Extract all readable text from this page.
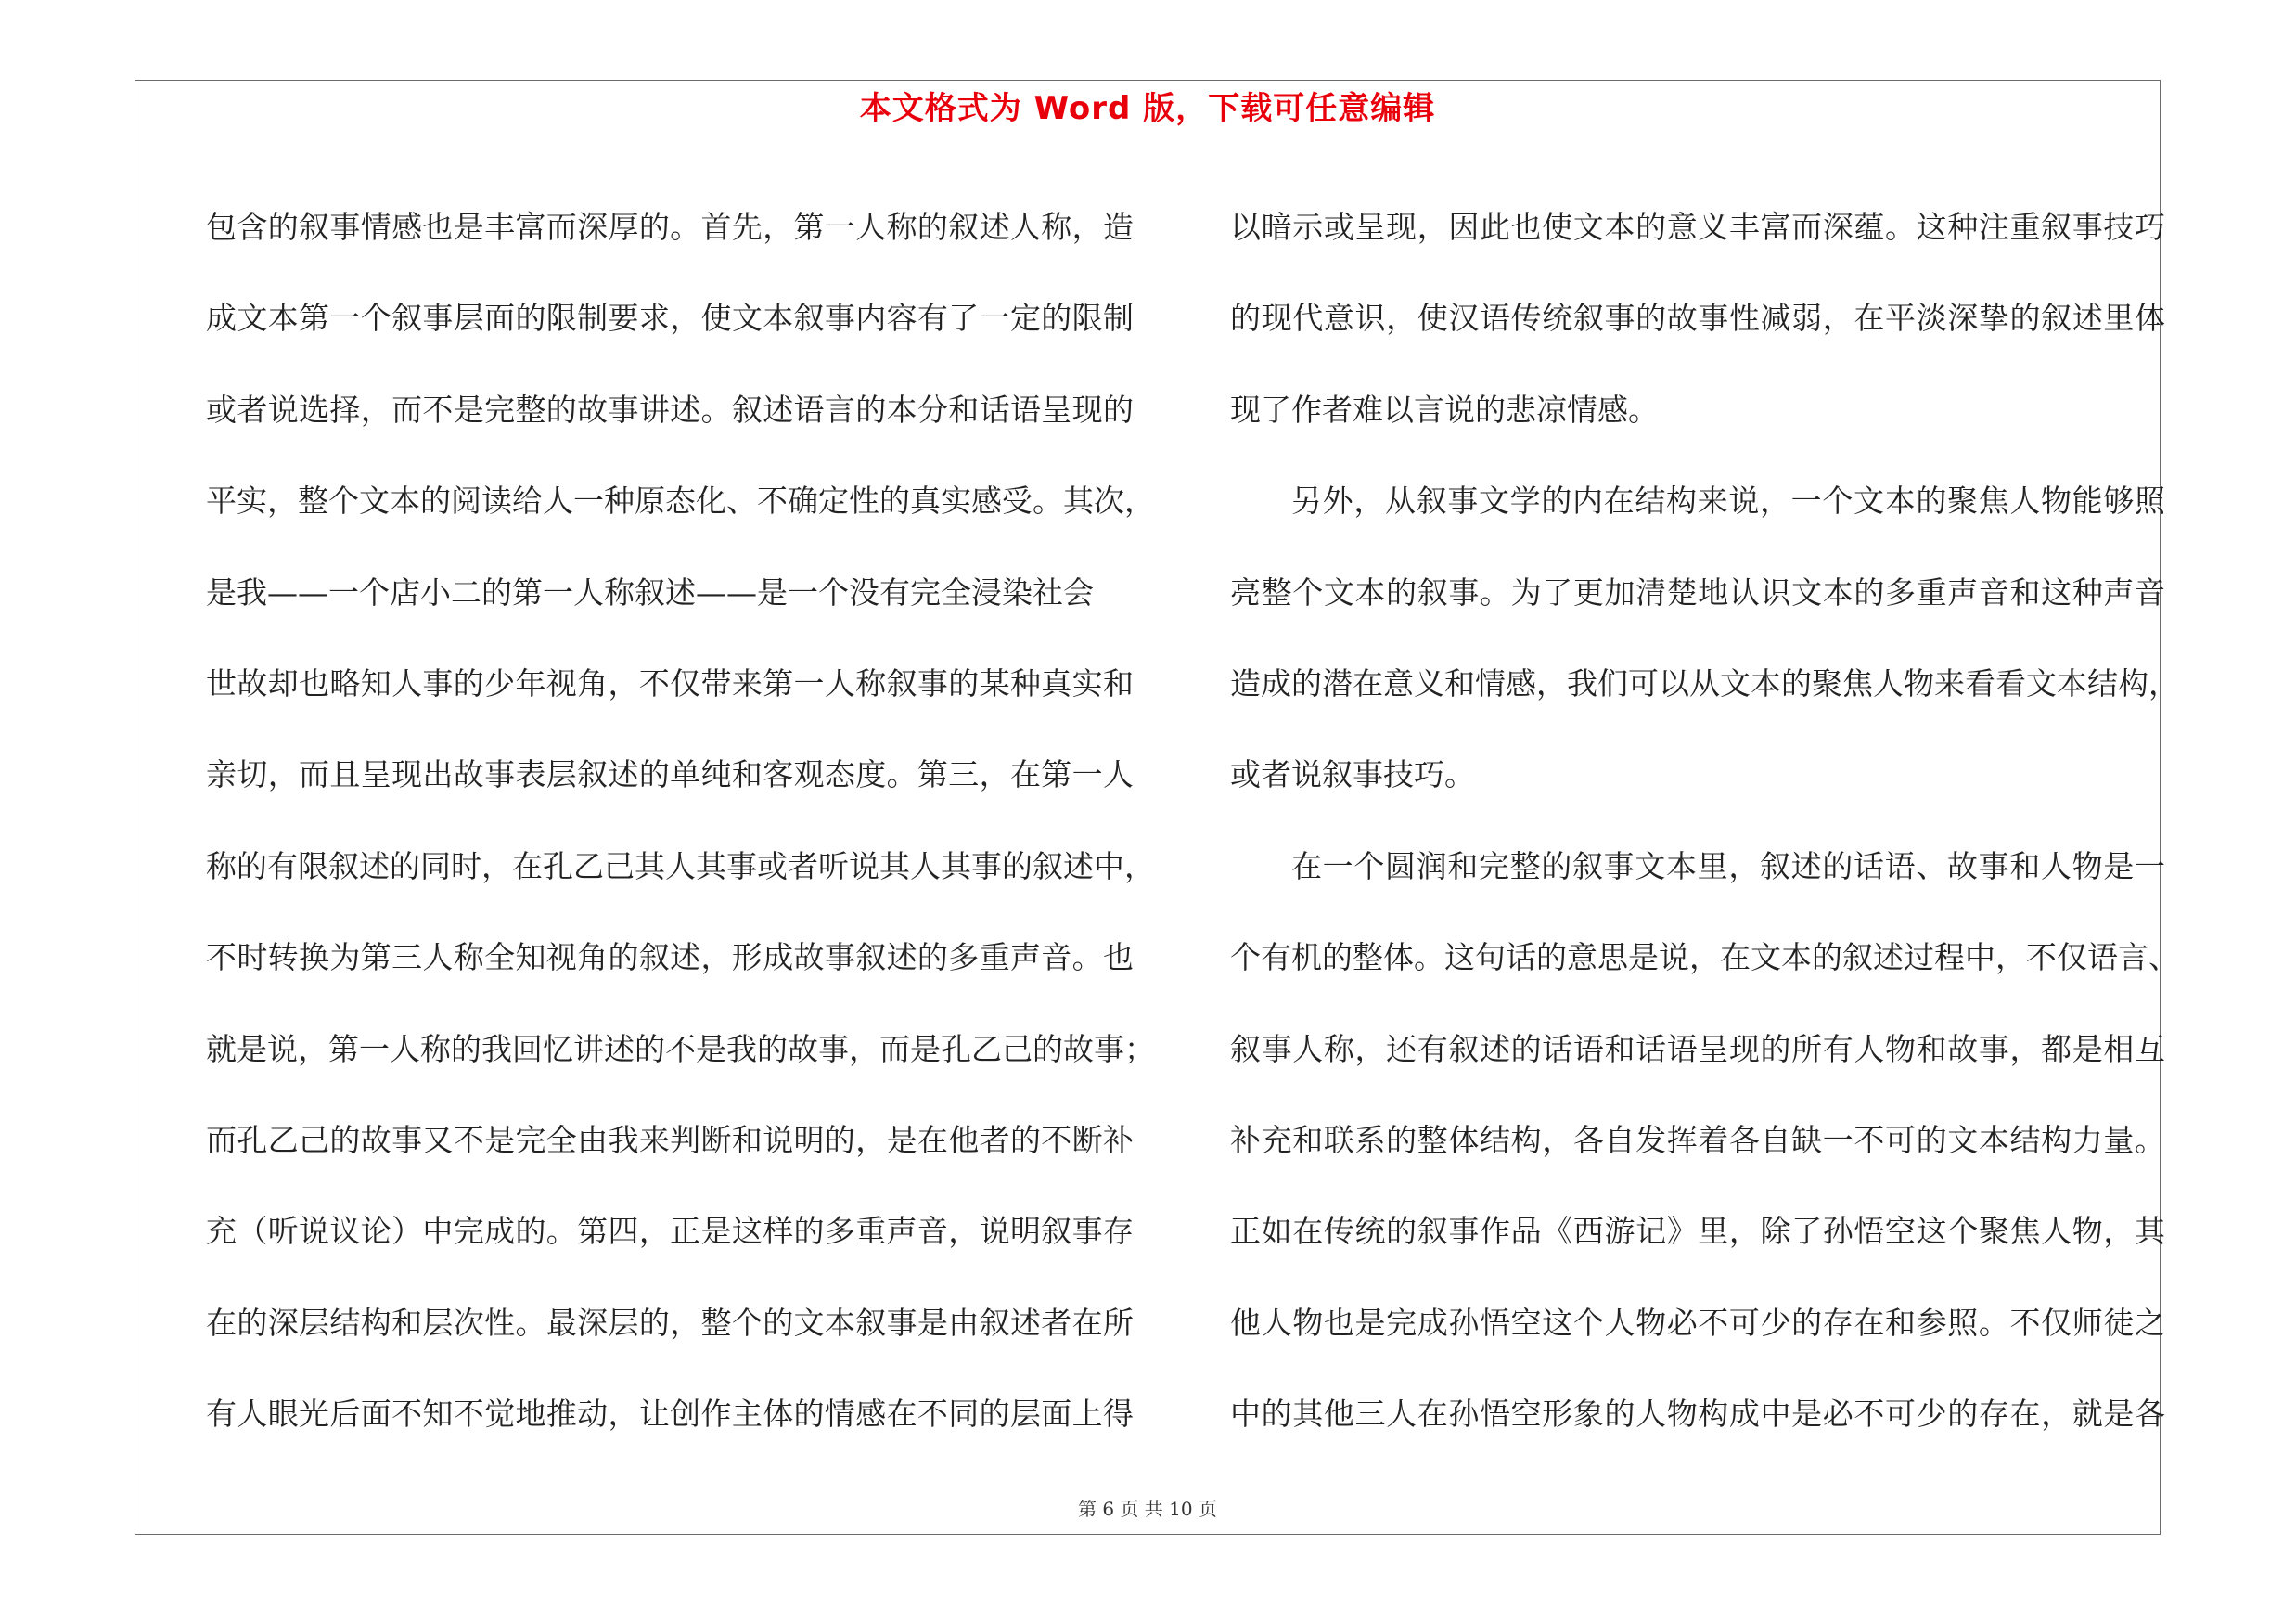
本文格式为 Word 版，下载可任意编辑
包含的叙事情感也是丰富而深厚的。首先，第一人称的叙述人称，造
成文本第一个叙事层面的限制要求，使文本叙事内容有了一定的限制
或者说选择，而不是完整的故事讲述。叙述语言的本分和话语呈现的
平实，整个文本的阅读给人一种原态化、不确定性的真实感受。其次，
是我——一个店小二的第一人称叙述——是一个没有完全浸染社会
世故却也略知人事的少年视角，不仅带来第一人称叙事的某种真实和
亲切，而且呈现出故事表层叙述的单纯和客观态度。第三，在第一人
称的有限叙述的同时，在孔乙己其人其事或者听说其人其事的叙述中，
不时转换为第三人称全知视角的叙述，形成故事叙述的多重声音。也
就是说，第一人称的我回忆讲述的不是我的故事，而是孔乙己的故事；
而孔乙己的故事又不是完全由我来判断和说明的，是在他者的不断补
充（听说议论）中完成的。第四，正是这样的多重声音，说明叙事存
在的深层结构和层次性。最深层的，整个的文本叙事是由叙述者在所
有人眼光后面不知不觉地推动，让创作主体的情感在不同的层面上得
以暗示或呈现，因此也使文本的意义丰富而深蕴。这种注重叙事技巧
的现代意识，使汉语传统叙事的故事性减弱，在平淡深挚的叙述里体
现了作者难以言说的悲凉情感。
另外，从叙事文学的内在结构来说，一个文本的聚焦人物能够照
亮整个文本的叙事。为了更加清楚地认识文本的多重声音和这种声音
造成的潜在意义和情感，我们可以从文本的聚焦人物来看看文本结构，
或者说叙事技巧。
在一个圆润和完整的叙事文本里，叙述的话语、故事和人物是一
个有机的整体。这句话的意思是说，在文本的叙述过程中，不仅语言、
叙事人称，还有叙述的话语和话语呈现的所有人物和故事，都是相互
补充和联系的整体结构，各自发挥着各自缺一不可的文本结构力量。
正如在传统的叙事作品《西游记》里，除了孙悟空这个聚焦人物，其
他人物也是完成孙悟空这个人物必不可少的存在和参照。不仅师徒之
中的其他三人在孙悟空形象的人物构成中是必不可少的存在，就是各
第 6 页 共 10 页
